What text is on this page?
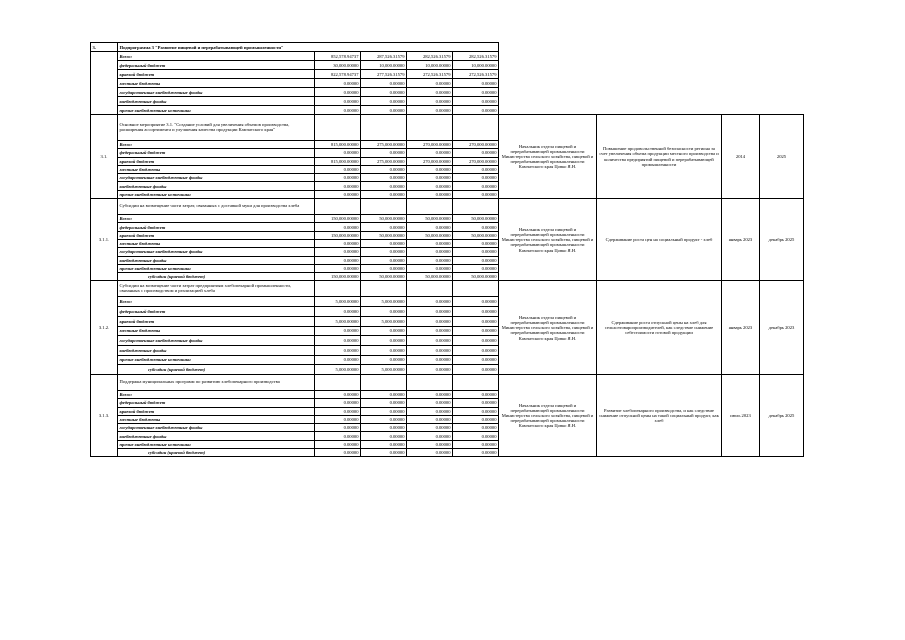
3.	Подпрограмма 3 "Развитие пищевой и перерабатывающей промышленности"								
	Всего:	852,578.94737	287,526.31579	282,526.31579	282,526.31579				
	федеральный бюджет	30,000.00000	10,000.00000	10,000.00000	10,000.00000				
	краевой бюджет	822,578.94737	277,526.31579	272,526.31579	272,526.31579				
	местные бюджеты	0.00000	0.00000	0.00000	0.00000				
	государственные внебюджетные фонды	0.00000	0.00000	0.00000	0.00000				
	внебюджетные фонды	0.00000	0.00000	0.00000	0.00000				
	прочие внебюджетные источники	0.00000	0.00000	0.00000	0.00000				
3.1.	Основное мероприятие 3.1. "Создание условий для увеличения объемов производства, расширения ассортимента и улучшения качества продукции Камчатского края"					Начальник отдела пищевой и перерабатывающей промышленности Министерства сельского хозяйства, пищевой и перерабатывающей промышленности Камчатского края Цовко Я.Н.	Повышение продовольственной безопасности региона за счет увеличения объема продукции местного производства и количества предприятий пищевой и перерабатывающей промышленности	2014	2025
	Всего:	815,000.00000	275,000.00000	270,000.00000	270,000.00000				
	федеральный бюджет	0.00000	0.00000	0.00000	0.00000				
	краевой бюджет	815,000.00000	275,000.00000	270,000.00000	270,000.00000				
	местные бюджеты	0.00000	0.00000	0.00000	0.00000				
	государственные внебюджетные фонды	0.00000	0.00000	0.00000	0.00000				
	внебюджетные фонды	0.00000	0.00000	0.00000	0.00000				
	прочие внебюджетные источники	0.00000	0.00000	0.00000	0.00000				
3.1.1.	Субсидии на возмещение части затрат, связанных с доставкой муки для производства хлеба					Начальник отдела пищевой и перерабатывающей промышленности Министерства сельского хозяйства, пищевой и перерабатывающей промышленности Камчатского края Цовко Я.Н.	Сдерживание роста цен на социальный продукт - хлеб	январь 2023	декабрь 2025
	Всего:	150,000.00000	50,000.00000	50,000.00000	50,000.00000				
	федеральный бюджет	0.00000	0.00000	0.00000	0.00000				
	краевой бюджет	150,000.00000	50,000.00000	50,000.00000	50,000.00000				
	местные бюджеты	0.00000	0.00000	0.00000	0.00000				
	государственные внебюджетные фонды	0.00000	0.00000	0.00000	0.00000				
	внебюджетные фонды	0.00000	0.00000	0.00000	0.00000				
	прочие внебюджетные источники	0.00000	0.00000	0.00000	0.00000				
	субсидии (краевой бюджет)	150,000.00000	50,000.00000	50,000.00000	50,000.00000				
3.1.2.	Субсидии на возмещение части затрат предприятиям хлебопекарной промышленности, связанных с производством и реализацией хлеба					Начальник отдела пищевой и перерабатывающей промышленности Министерства сельского хозяйства, пищевой и перерабатывающей промышленности Камчатского края Цовко Я.Н.	Сдерживание роста отпускной цены на хлеб для сельхозтоваропроизводителей, как следствие снижение себестоимости готовой продукции	январь 2023	декабрь 2023
	Всего:	5,000.00000	5,000.00000	0.00000	0.00000				
	федеральный бюджет	0.00000	0.00000	0.00000	0.00000				
	краевой бюджет	5,000.00000	5,000.00000	0.00000	0.00000				
	местные бюджеты	0.00000	0.00000	0.00000	0.00000				
	государственные внебюджетные фонды	0.00000	0.00000	0.00000	0.00000				
	внебюджетные фонды	0.00000	0.00000	0.00000	0.00000				
	прочие внебюджетные источники	0.00000	0.00000	0.00000	0.00000				
	субсидии (краевой бюджет)	5,000.00000	5,000.00000	0.00000	0.00000				
3.1.3.	Поддержка муниципальных программ по развитию хлебопекарного производства					Начальник отдела пищевой и перерабатывающей промышленности Министерства сельского хозяйства, пищевой и перерабатывающей промышленности Камчатского края Цовко Я.Н.	Развитие хлебопекарного производства, и как следствие снижение отпускной цены на такой социальный продукт, как хлеб	июль 2023	декабрь 2025
	Всего:	0.00000	0.00000	0.00000	0.00000				
	федеральный бюджет	0.00000	0.00000	0.00000	0.00000				
	краевой бюджет	0.00000	0.00000	0.00000	0.00000				
	местные бюджеты	0.00000	0.00000	0.00000	0.00000				
	государственные внебюджетные фонды	0.00000	0.00000	0.00000	0.00000				
	внебюджетные фонды	0.00000	0.00000	0.00000	0.00000				
	прочие внебюджетные источники	0.00000	0.00000	0.00000	0.00000				
	субсидии (краевой бюджет)	0.00000	0.00000	0.00000	0.00000				
